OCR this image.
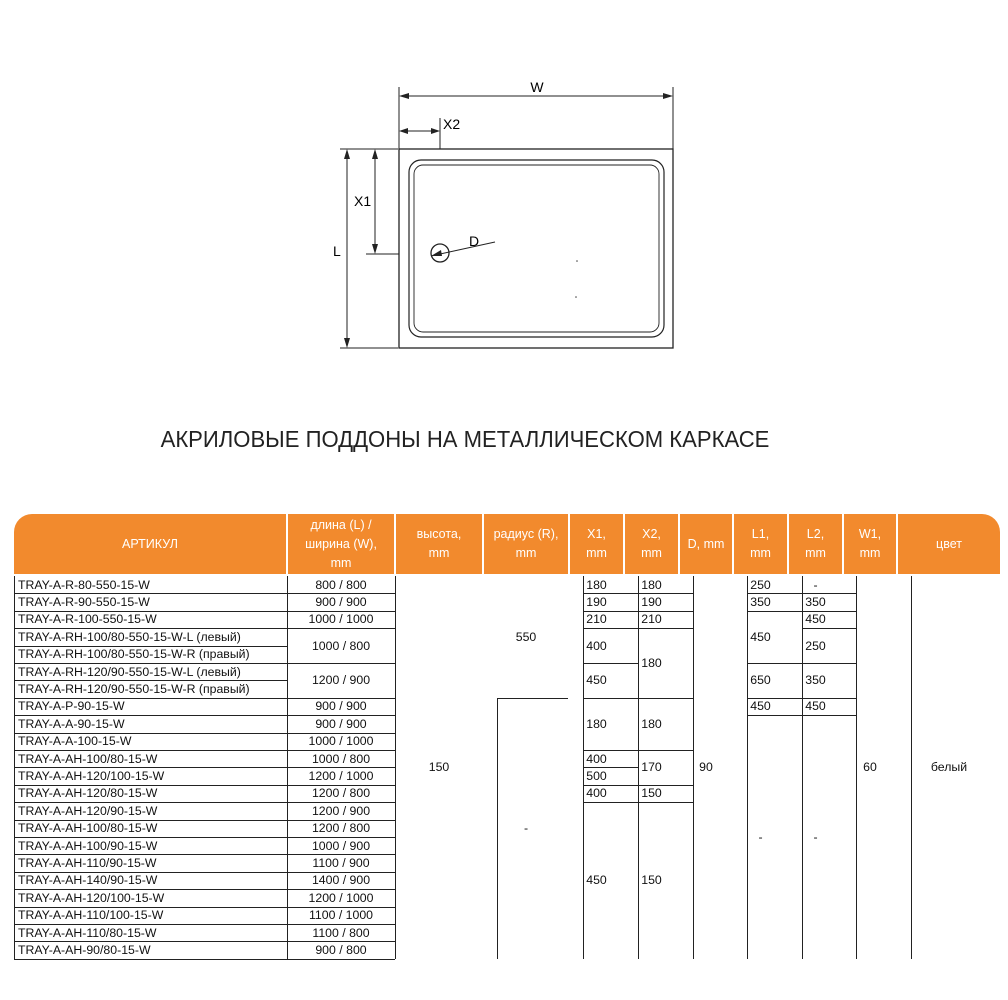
W
X2
L
X1
D
АКРИЛОВЫЕ ПОДДОНЫ НА МЕТАЛЛИЧЕСКОМ КАРКАСЕ
АРТИКУЛ
длина (L) /
ширина (W),
mm
высота,
mm
радиус (R),
mm
X1,
mm
X2,
mm
D, mm
L1,
mm
L2,
mm
W1,
mm
цвет
TRAY-A-R-80-550-15-W
TRAY-A-R-90-550-15-W
TRAY-A-R-100-550-15-W
TRAY-A-RH-100/80-550-15-W-L (левый)
TRAY-A-RH-100/80-550-15-W-R (правый)
TRAY-A-RH-120/90-550-15-W-L (левый)
TRAY-A-RH-120/90-550-15-W-R (правый)
TRAY-A-P-90-15-W
TRAY-A-A-90-15-W
TRAY-A-A-100-15-W
TRAY-A-AH-100/80-15-W
TRAY-A-AH-120/100-15-W
TRAY-A-AH-120/80-15-W
TRAY-A-AH-120/90-15-W
TRAY-A-AH-100/80-15-W
TRAY-A-AH-100/90-15-W
TRAY-A-AH-110/90-15-W
TRAY-A-AH-140/90-15-W
TRAY-A-AH-120/100-15-W
TRAY-A-AH-110/100-15-W
TRAY-A-AH-110/80-15-W
TRAY-A-AH-90/80-15-W
800 / 800
900 / 900
1000 / 1000
1000 / 800
1200 / 900
900 / 900
900 / 900
1000 / 1000
1000 / 800
1200 / 1000
1200 / 800
1200 / 900
1200 / 800
1000 / 900
1100 / 900
1400 / 900
1200 / 1000
1100 / 1000
1100 / 800
900 / 800
150
550
-
180
190
210
400
450
180
400
500
400
450
180
190
210
180
180
170
150
150
90
250
350
450
650
450
-
-
350
450
250
350
450
-
60	белый
